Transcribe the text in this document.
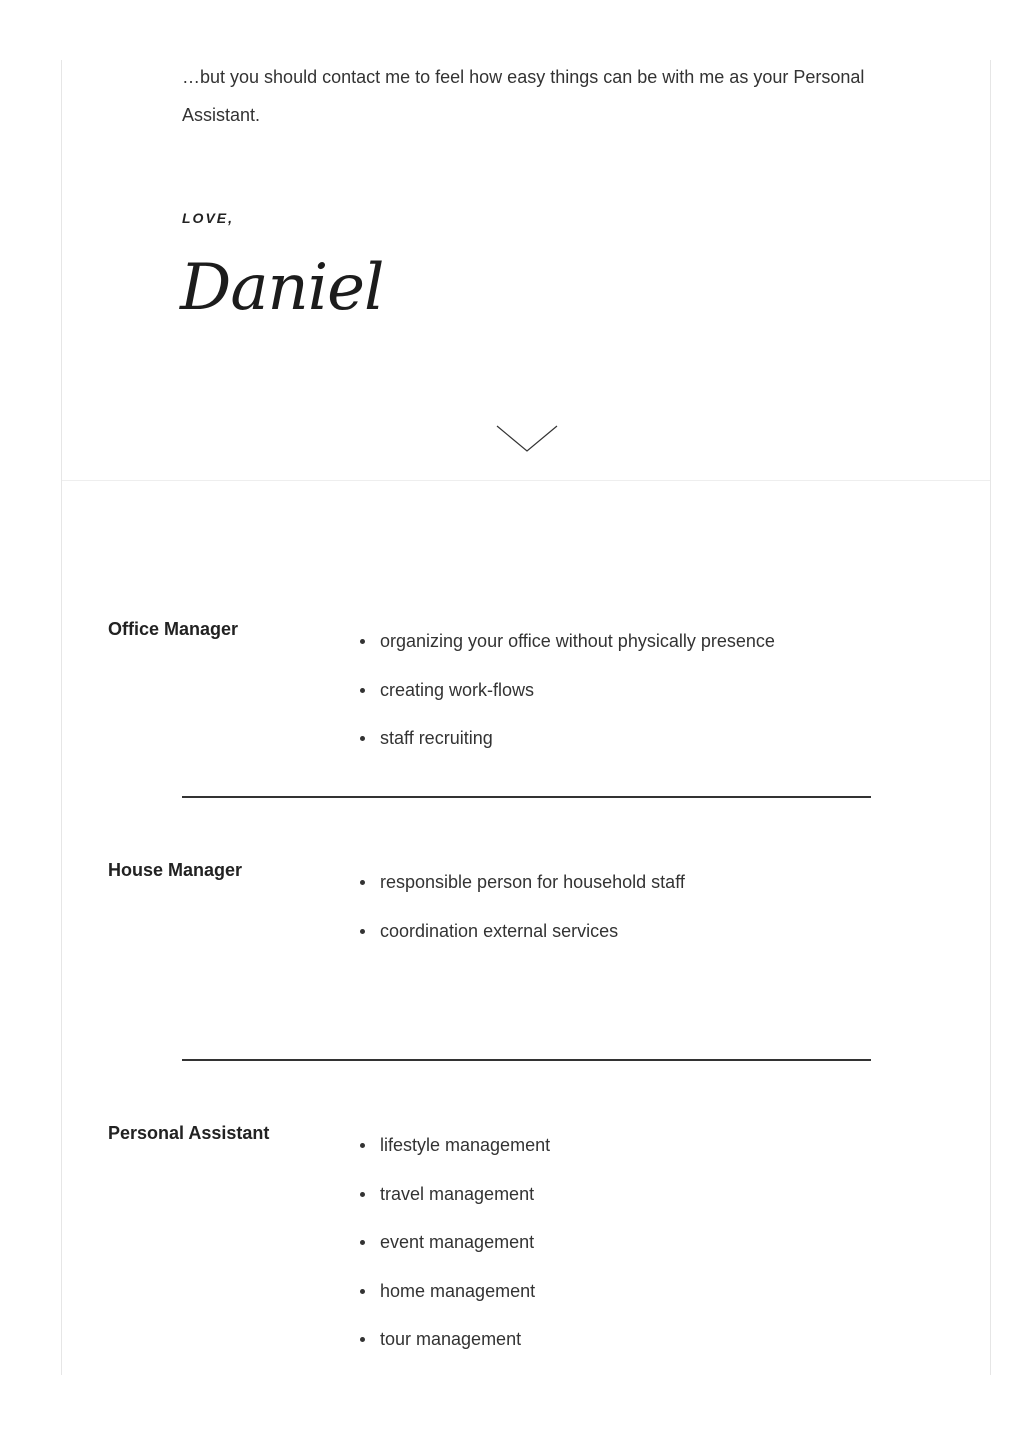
…but you should contact me to feel how easy things can be with me as your Personal Assistant.

LOVE,

Daniel

Office Manager
organizing your office without physically presence
creating work-flows
staff recruiting
House Manager
responsible person for household staff
coordination external services
Personal Assistant
lifestyle management
travel management
event management
home management
tour management
